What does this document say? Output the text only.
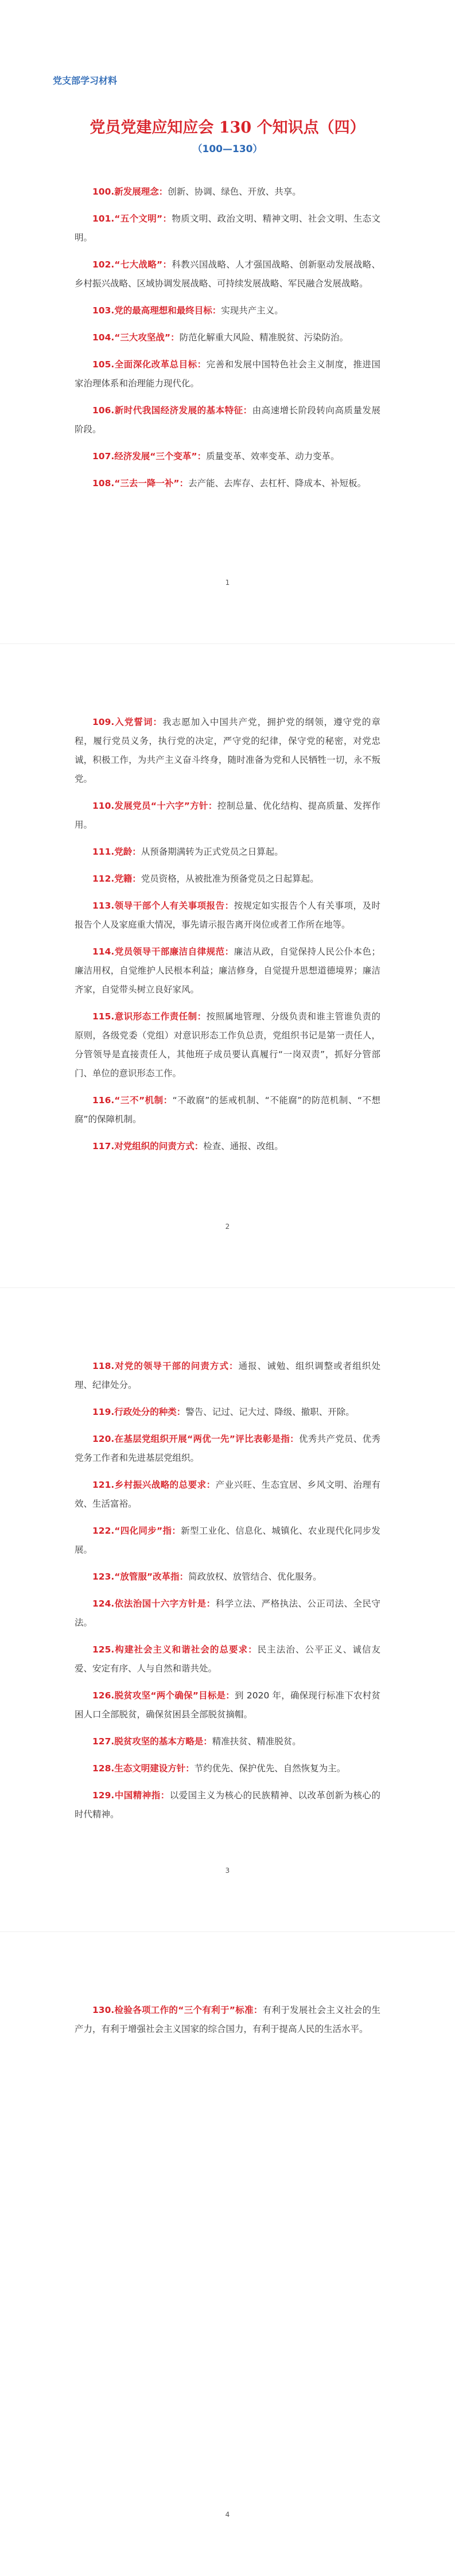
党支部学习材料
党员党建应知应会 130 个知识点（四）
（100—130）

100.新发展理念：创新、协调、绿色、开放、共享。

101.“五个文明”：物质文明、政治文明、精神文明、社会文明、生态文明。

102.“七大战略”：科教兴国战略、人才强国战略、创新驱动发展战略、乡村振兴战略、区域协调发展战略、可持续发展战略、军民融合发展战略。

103.党的最高理想和最终目标：实现共产主义。

104.“三大攻坚战”：防范化解重大风险、精准脱贫、污染防治。

105.全面深化改革总目标：完善和发展中国特色社会主义制度，推进国家治理体系和治理能力现代化。

106.新时代我国经济发展的基本特征：由高速增长阶段转向高质量发展阶段。

107.经济发展“三个变革”：质量变革、效率变革、动力变革。

108.“三去一降一补”：去产能、去库存、去杠杆、降成本、补短板。

1

109.入党誓词：我志愿加入中国共产党，拥护党的纲领，遵守党的章程，履行党员义务，执行党的决定，严守党的纪律，保守党的秘密，对党忠诚，积极工作，为共产主义奋斗终身，随时准备为党和人民牺牲一切，永不叛党。

110.发展党员“十六字”方针：控制总量、优化结构、提高质量、发挥作用。

111.党龄：从预备期满转为正式党员之日算起。

112.党籍：党员资格，从被批准为预备党员之日起算起。

113.领导干部个人有关事项报告：按规定如实报告个人有关事项，及时报告个人及家庭重大情况，事先请示报告离开岗位或者工作所在地等。

114.党员领导干部廉洁自律规范：廉洁从政，自觉保持人民公仆本色；廉洁用权，自觉维护人民根本利益；廉洁修身，自觉提升思想道德境界；廉洁齐家，自觉带头树立良好家风。

115.意识形态工作责任制：按照属地管理、分级负责和谁主管谁负责的原则，各级党委（党组）对意识形态工作负总责，党组织书记是第一责任人，分管领导是直接责任人，其他班子成员要认真履行“一岗双责”，抓好分管部门、单位的意识形态工作。

116.“三不”机制：“不敢腐”的惩戒机制、“不能腐”的防范机制、“不想腐”的保障机制。

117.对党组织的问责方式：检查、通报、改组。

2

118.对党的领导干部的问责方式：通报、诫勉、组织调整或者组织处理、纪律处分。

119.行政处分的种类：警告、记过、记大过、降级、撤职、开除。

120.在基层党组织开展“两优一先”评比表彰是指：优秀共产党员、优秀党务工作者和先进基层党组织。

121.乡村振兴战略的总要求：产业兴旺、生态宜居、乡风文明、治理有效、生活富裕。

122.“四化同步”指：新型工业化、信息化、城镇化、农业现代化同步发展。

123.“放管服”改革指：简政放权、放管结合、优化服务。

124.依法治国十六字方针是：科学立法、严格执法、公正司法、全民守法。

125.构建社会主义和谐社会的总要求：民主法治、公平正义、诚信友爱、安定有序、人与自然和谐共处。

126.脱贫攻坚“两个确保”目标是：到 2020 年，确保现行标准下农村贫困人口全部脱贫，确保贫困县全部脱贫摘帽。

127.脱贫攻坚的基本方略是：精准扶贫、精准脱贫。

128.生态文明建设方针：节约优先、保护优先、自然恢复为主。

129.中国精神指：以爱国主义为核心的民族精神、以改革创新为核心的时代精神。

3

130.检验各项工作的“三个有利于”标准：有利于发展社会主义社会的生产力，有利于增强社会主义国家的综合国力，有利于提高人民的生活水平。

4
